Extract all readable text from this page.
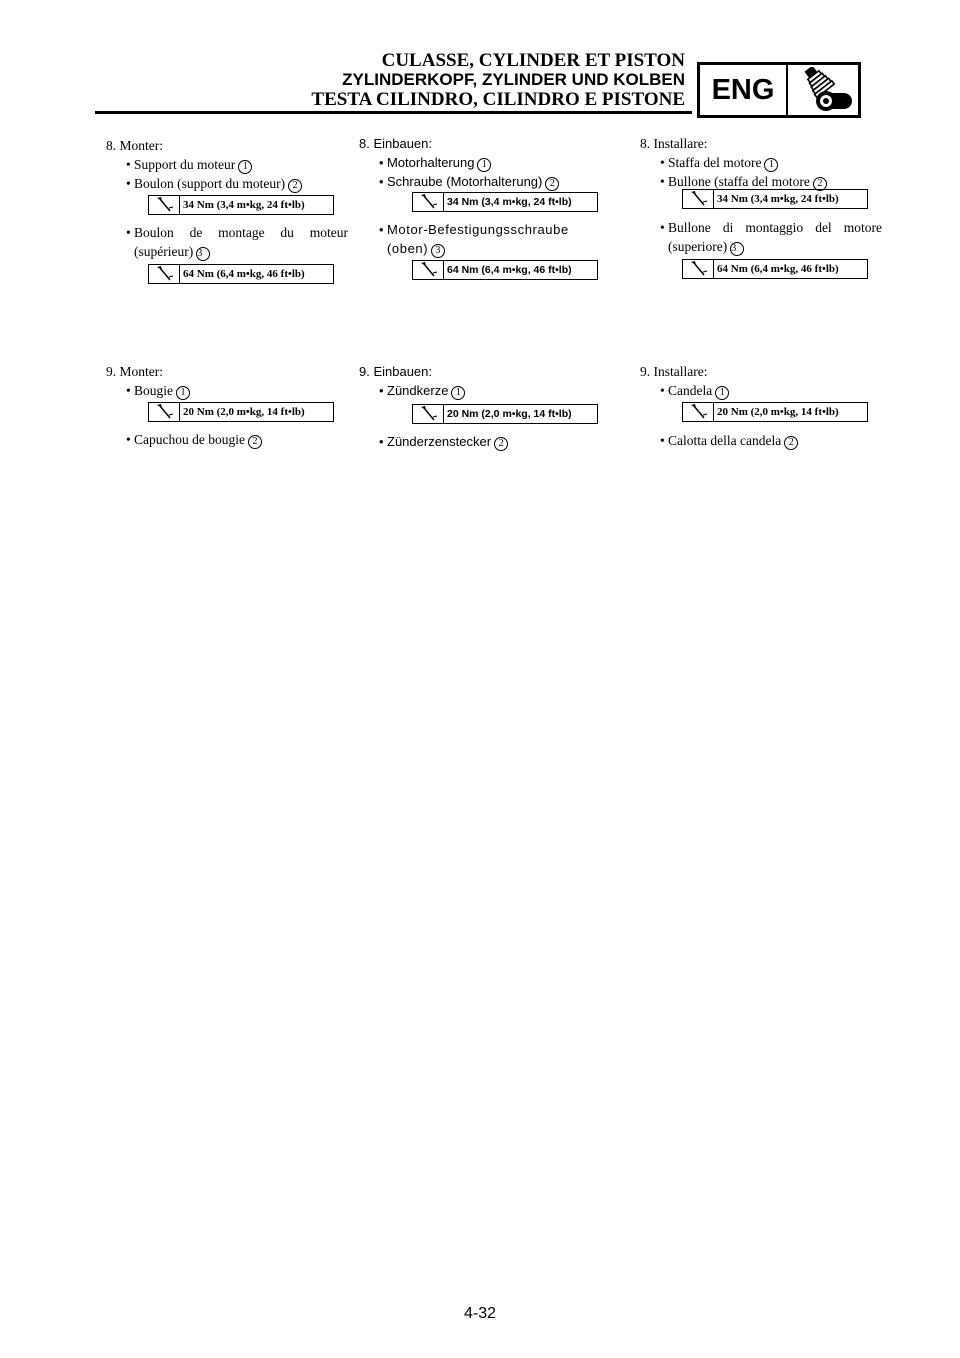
CULASSE, CYLINDER ET PISTON
ZYLINDERKOPF, ZYLINDER UND KOLBEN
TESTA CILINDRO, CILINDRO E PISTONE ENG
8. Monter:
• Support du moteur 1
• Boulon (support du moteur) 2
34 Nm (3,4 m•kg, 24 ft•lb)
• Boulon de montage du moteur (supérieur) 3
64 Nm (6,4 m•kg, 46 ft•lb)
9. Monter:
• Bougie 1
20 Nm (2,0 m•kg, 14 ft•lb)
• Capuchou de bougie 2
8. Einbauen:
• Motorhalterung 1
• Schraube (Motorhalterung) 2
34 Nm (3,4 m•kg, 24 ft•lb)
• Motor-Befestigungsschraube (oben) 3
64 Nm (6,4 m•kg, 46 ft•lb)
9. Einbauen:
• Zündkerze 1
20 Nm (2,0 m•kg, 14 ft•lb)
• Zünderzenstecker 2
8. Installare:
• Staffa del motore 1
• Bullone (staffa del motore 2
34 Nm (3,4 m•kg, 24 ft•lb)
• Bullone di montaggio del motore (superiore) 3
64 Nm (6,4 m•kg, 46 ft•lb)
9. Installare:
• Candela 1
20 Nm (2,0 m•kg, 14 ft•lb)
• Calotta della candela 2
4-32
